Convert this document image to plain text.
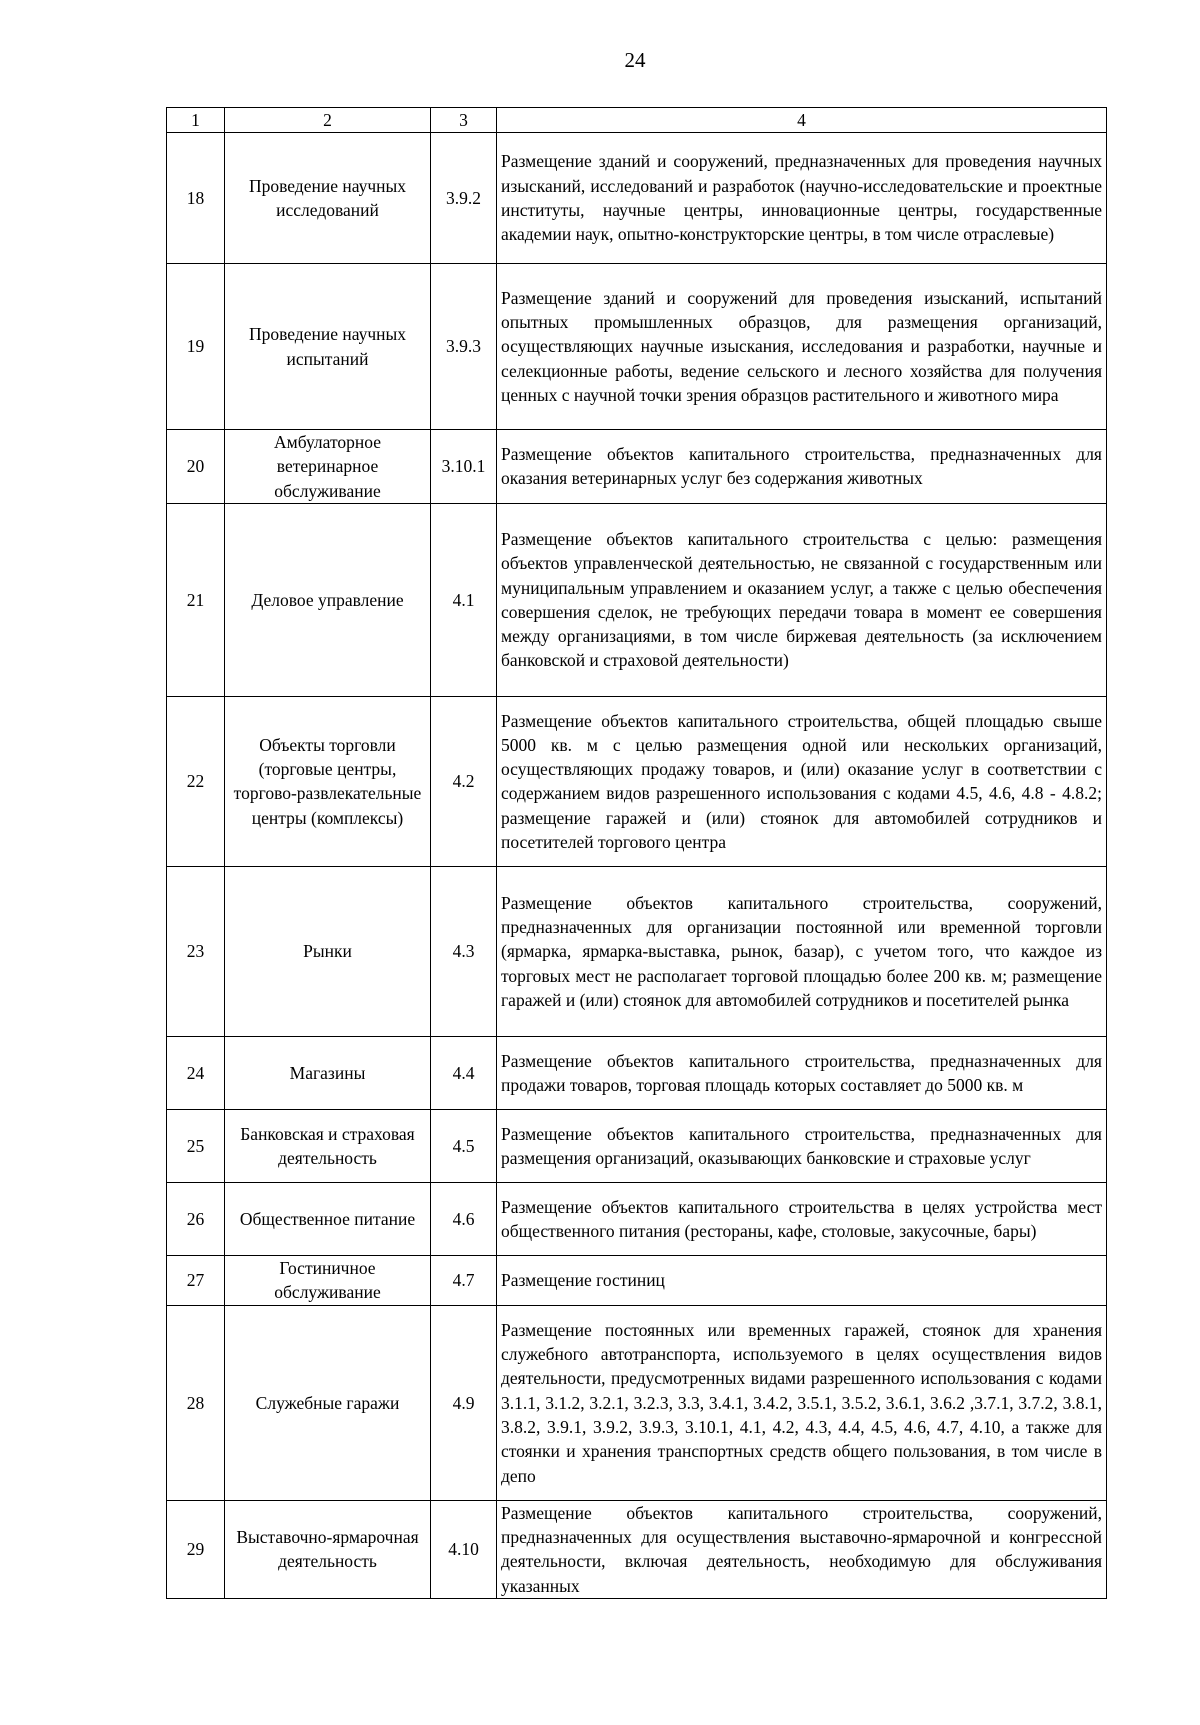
24
1	2	3	4
18	Проведение научных исследований	3.9.2	Размещение зданий и сооружений, предназначенных для проведения научных изысканий, исследований и разработок (научно-исследовательские и проектные институты, научные центры, инновационные центры, государственные академии наук, опытно-конструкторские центры, в том числе отраслевые)
19	Проведение научных испытаний	3.9.3	Размещение зданий и сооружений для проведения изысканий, испытаний опытных промышленных образцов, для размещения организаций, осуществляющих научные изыскания, исследования и разработки, научные и селекционные работы, ведение сельского и лесного хозяйства для получения ценных с научной точки зрения образцов растительного и животного мира
20	Амбулаторное ветеринарное обслуживание	3.10.1	Размещение объектов капитального строительства, предназначенных для оказания ветеринарных услуг без содержания животных
21	Деловое управление	4.1	Размещение объектов капитального строительства с целью: размещения объектов управленческой деятельностью, не связанной с государственным или муниципальным управлением и оказанием услуг, а также с целью обеспечения совершения сделок, не требующих передачи товара в момент ее совершения между организациями, в том числе биржевая деятельность (за исключением банковской и страховой деятельности)
22	Объекты торговли (торговые центры, торгово-развлекательные центры (комплексы)	4.2	Размещение объектов капитального строительства, общей площадью свыше 5000 кв. м с целью размещения одной или нескольких организаций, осуществляющих продажу товаров, и (или) оказание услуг в соответствии с содержанием видов разрешенного использования с кодами 4.5, 4.6, 4.8 - 4.8.2; размещение гаражей и (или) стоянок для автомобилей сотрудников и посетителей торгового центра
23	Рынки	4.3	Размещение объектов капитального строительства, сооружений, предназначенных для организации постоянной или временной торговли (ярмарка, ярмарка-выставка, рынок, базар), с учетом того, что каждое из торговых мест не располагает торговой площадью более 200 кв. м; размещение гаражей и (или) стоянок для автомобилей сотрудников и посетителей рынка
24	Магазины	4.4	Размещение объектов капитального строительства, предназначенных для продажи товаров, торговая площадь которых составляет до 5000 кв. м
25	Банковская и страховая деятельность	4.5	Размещение объектов капитального строительства, предназначенных для размещения организаций, оказывающих банковские и страховые услуг
26	Общественное питание	4.6	Размещение объектов капитального строительства в целях устройства мест общественного питания (рестораны, кафе, столовые, закусочные, бары)
27	Гостиничное обслуживание	4.7	Размещение гостиниц
28	Служебные гаражи	4.9	Размещение постоянных или временных гаражей, стоянок для хранения служебного автотранспорта, используемого в целях осуществления видов деятельности, предусмотренных видами разрешенного использования с кодами 3.1.1, 3.1.2, 3.2.1, 3.2.3, 3.3, 3.4.1, 3.4.2, 3.5.1, 3.5.2, 3.6.1, 3.6.2 ,3.7.1, 3.7.2, 3.8.1, 3.8.2, 3.9.1, 3.9.2, 3.9.3, 3.10.1, 4.1, 4.2, 4.3, 4.4, 4.5, 4.6, 4.7, 4.10, а также для стоянки и хранения транспортных средств общего пользования, в том числе в депо
29	Выставочно-ярмарочная деятельность	4.10	Размещение объектов капитального строительства, сооружений, предназначенных для осуществления выставочно-ярмарочной и конгрессной деятельности, включая деятельность, необходимую для обслуживания указанных
